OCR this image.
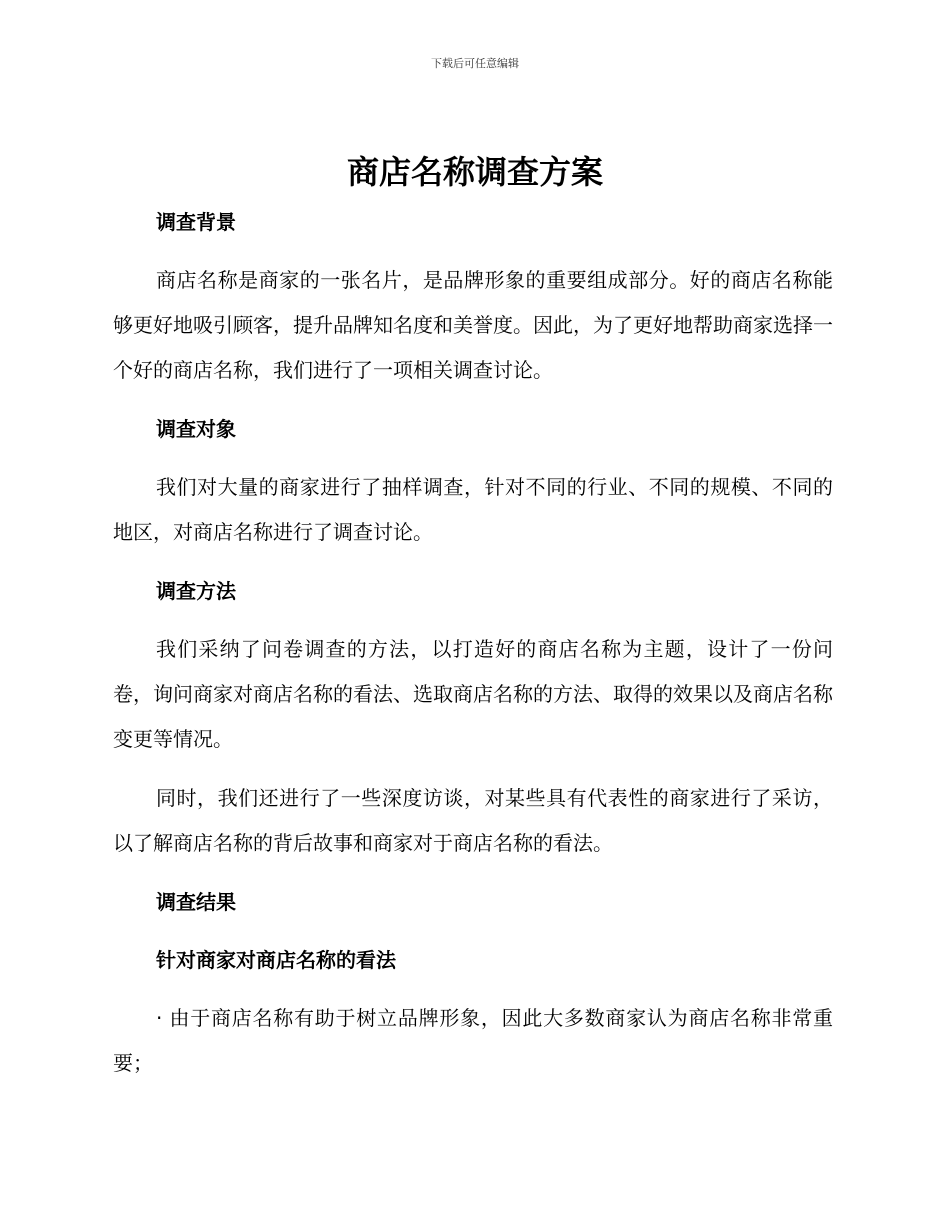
下载后可任意编辑
商店名称调查方案
调查背景

商店名称是商家的一张名片，是品牌形象的重要组成部分。好的商店名称能够更好地吸引顾客，提升品牌知名度和美誉度。因此，为了更好地帮助商家选择一个好的商店名称，我们进行了一项相关调查讨论。

调查对象

我们对大量的商家进行了抽样调查，针对不同的行业、不同的规模、不同的地区，对商店名称进行了调查讨论。

调查方法

我们采纳了问卷调查的方法，以打造好的商店名称为主题，设计了一份问卷，询问商家对商店名称的看法、选取商店名称的方法、取得的效果以及商店名称变更等情况。

同时，我们还进行了一些深度访谈，对某些具有代表性的商家进行了采访，以了解商店名称的背后故事和商家对于商店名称的看法。

调查结果
针对商家对商店名称的看法

· 由于商店名称有助于树立品牌形象，因此大多数商家认为商店名称非常重要；
